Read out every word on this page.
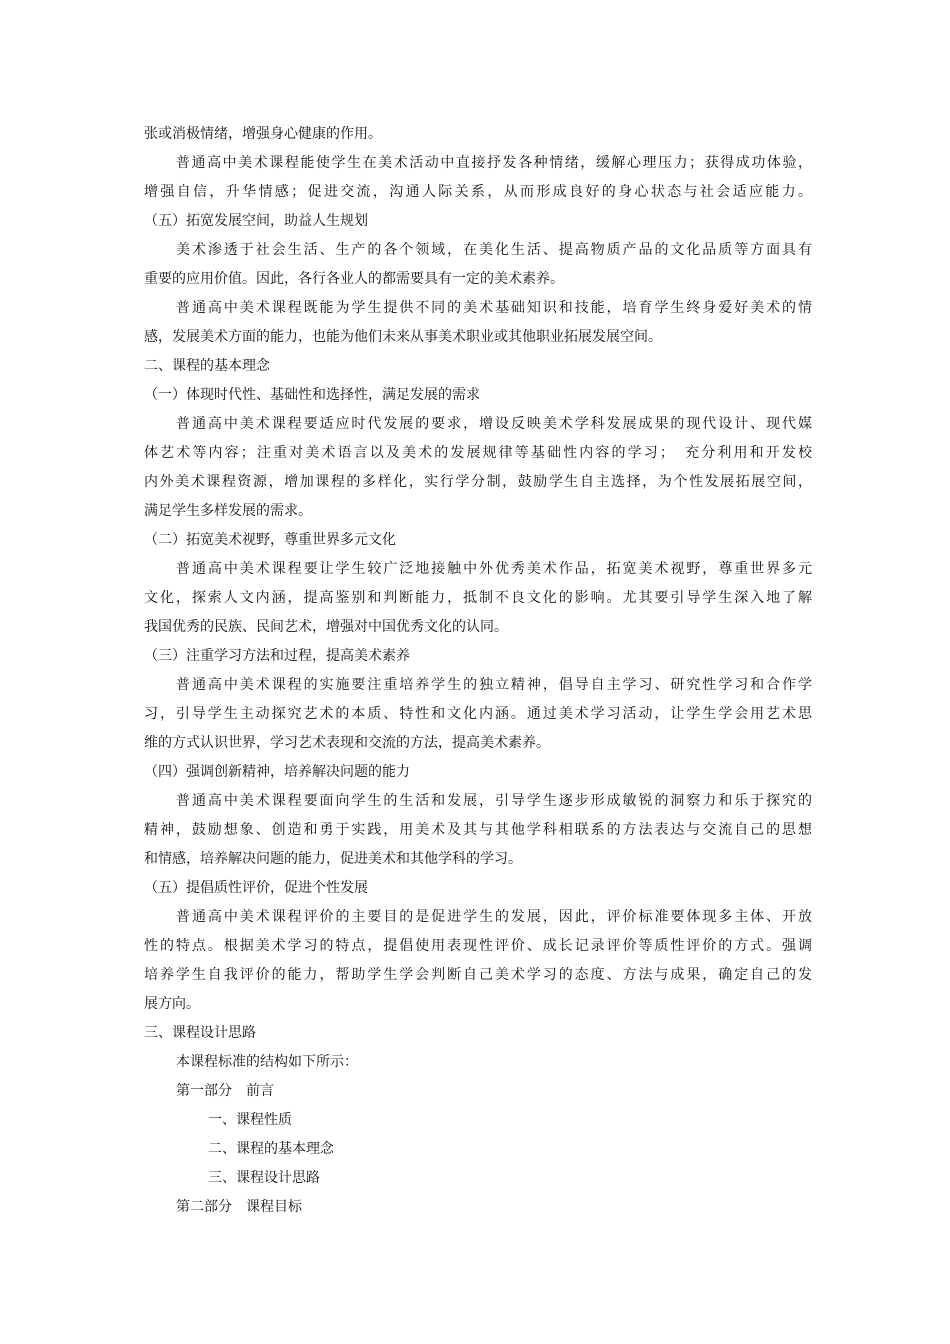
张或消极情绪，增强身心健康的作用。
普通高中美术课程能使学生在美术活动中直接抒发各种情绪，缓解心理压力；获得成功体验，
增强自信，升华情感；促进交流，沟通人际关系，从而形成良好的身心状态与社会适应能力。
（五）拓宽发展空间，助益人生规划
美术渗透于社会生活、生产的各个领域，在美化生活、提高物质产品的文化品质等方面具有
重要的应用价值。因此，各行各业人的都需要具有一定的美术素养。
普通高中美术课程既能为学生提供不同的美术基础知识和技能，培育学生终身爱好美术的情
感，发展美术方面的能力，也能为他们未来从事美术职业或其他职业拓展发展空间。
二、课程的基本理念
（一）体现时代性、基础性和选择性，满足发展的需求
普通高中美术课程要适应时代发展的要求，增设反映美术学科发展成果的现代设计、现代媒
体艺术等内容；注重对美术语言以及美术的发展规律等基础性内容的学习；　充分利用和开发校
内外美术课程资源，增加课程的多样化，实行学分制，鼓励学生自主选择，为个性发展拓展空间，
满足学生多样发展的需求。
（二）拓宽美术视野，尊重世界多元文化
普通高中美术课程要让学生较广泛地接触中外优秀美术作品，拓宽美术视野，尊重世界多元
文化，探索人文内涵，提高鉴别和判断能力，抵制不良文化的影响。尤其要引导学生深入地了解
我国优秀的民族、民间艺术，增强对中国优秀文化的认同。
（三）注重学习方法和过程，提高美术素养
普通高中美术课程的实施要注重培养学生的独立精神，倡导自主学习、研究性学习和合作学
习，引导学生主动探究艺术的本质、特性和文化内涵。通过美术学习活动，让学生学会用艺术思
维的方式认识世界，学习艺术表现和交流的方法，提高美术素养。
（四）强调创新精神，培养解决问题的能力
普通高中美术课程要面向学生的生活和发展，引导学生逐步形成敏锐的洞察力和乐于探究的
精神，鼓励想象、创造和勇于实践，用美术及其与其他学科相联系的方法表达与交流自己的思想
和情感，培养解决问题的能力，促进美术和其他学科的学习。
（五）提倡质性评价，促进个性发展
普通高中美术课程评价的主要目的是促进学生的发展，因此，评价标准要体现多主体、开放
性的特点。根据美术学习的特点，提倡使用表现性评价、成长记录评价等质性评价的方式。强调
培养学生自我评价的能力，帮助学生学会判断自己美术学习的态度、方法与成果，确定自己的发
展方向。
三、课程设计思路
本课程标准的结构如下所示：
第一部分　前言
一、课程性质
二、课程的基本理念
三、课程设计思路
第二部分　课程目标
